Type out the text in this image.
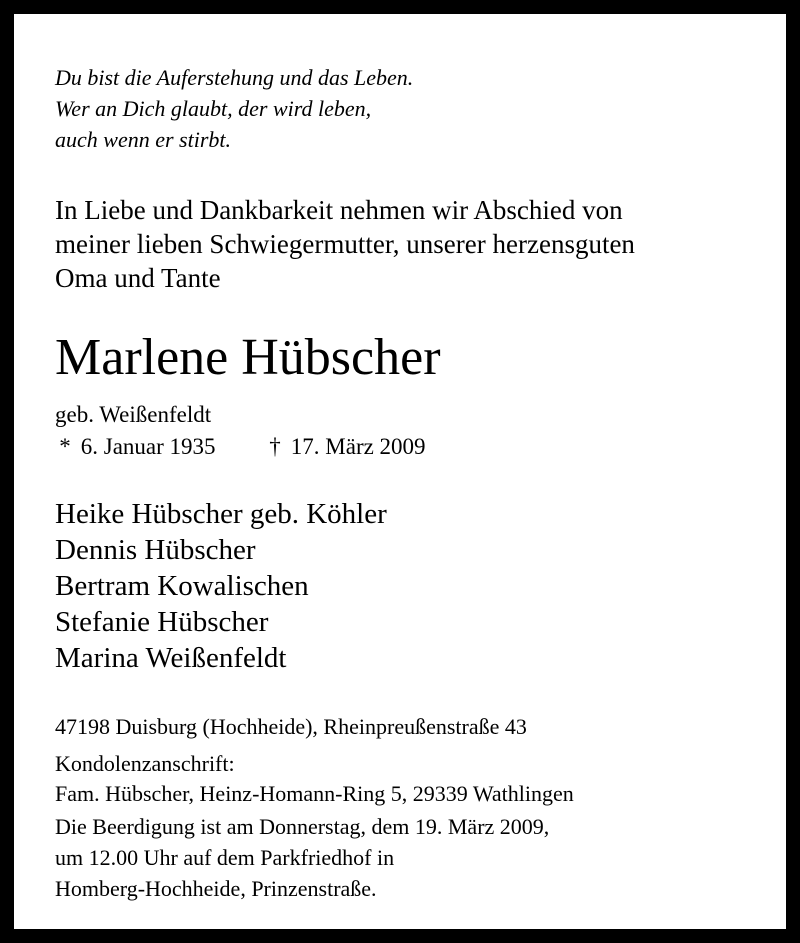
Du bist die Auferstehung und das Leben.
Wer an Dich glaubt, der wird leben,
auch wenn er stirbt.
In Liebe und Dankbarkeit nehmen wir Abschied von
meiner lieben Schwiegermutter, unserer herzensguten
Oma und Tante
Marlene Hübscher
geb. Weißenfeldt
* 6. Januar 1935 † 17. März 2009
Heike Hübscher geb. Köhler
Dennis Hübscher
Bertram Kowalischen
Stefanie Hübscher
Marina Weißenfeldt
47198 Duisburg (Hochheide), Rheinpreußenstraße 43
Kondolenzanschrift:
Fam. Hübscher, Heinz-Homann-Ring 5, 29339 Wathlingen
Die Beerdigung ist am Donnerstag, dem 19. März 2009,
um 12.00 Uhr auf dem Parkfriedhof in
Homberg-Hochheide, Prinzenstraße.
